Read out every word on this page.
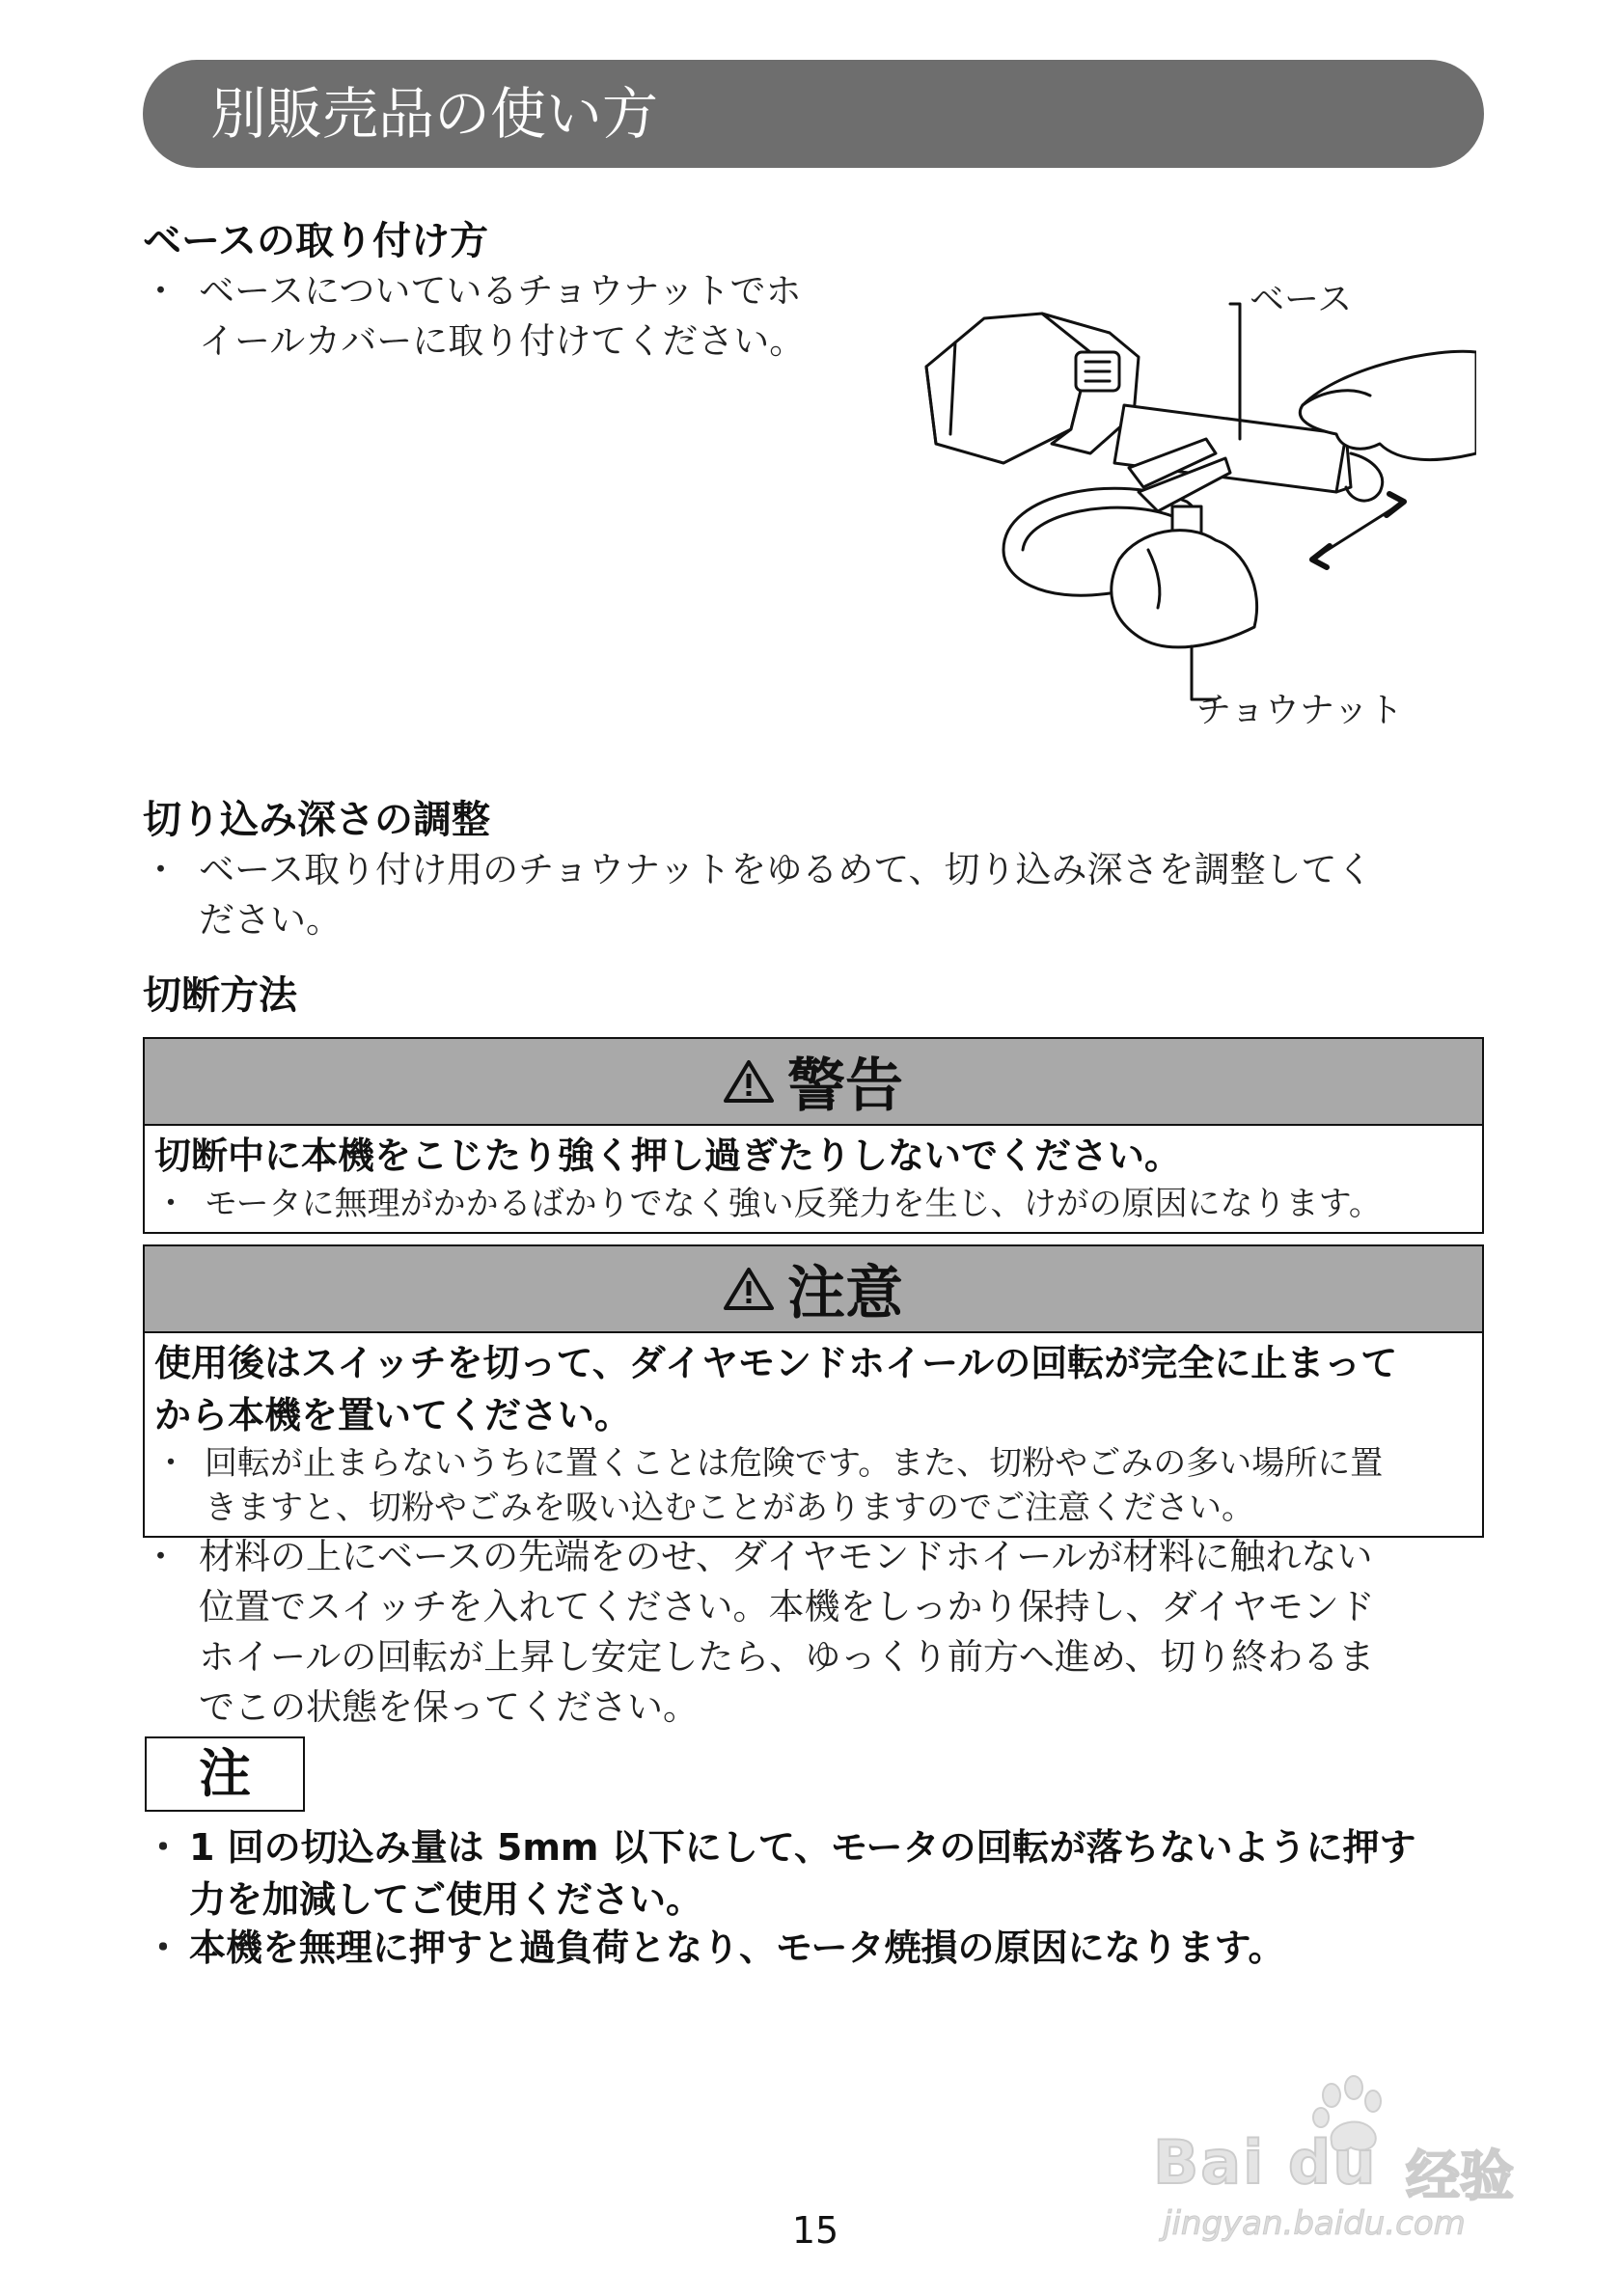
別販売品の使い方
ベースの取り付け方
・ ベースについているチョウナットでホ
イールカバーに取り付けてください。
ベース
チョウナット
切り込み深さの調整
・ ベース取り付け用のチョウナットをゆるめて、切り込み深さを調整してく
ださい。
切断方法
警告
切断中に本機をこじたり強く押し過ぎたりしないでください。
・ モータに無理がかかるばかりでなく強い反発力を生じ、けがの原因になります。
注意
使用後はスイッチを切って、ダイヤモンドホイールの回転が完全に止まって
から本機を置いてください。
・ 回転が止まらないうちに置くことは危険です。また、切粉やごみの多い場所に置
きますと、切粉やごみを吸い込むことがありますのでご注意ください。
・ 材料の上にベースの先端をのせ、ダイヤモンドホイールが材料に触れない
位置でスイッチを入れてください。本機をしっかり保持し、ダイヤモンド
ホイールの回転が上昇し安定したら、ゆっくり前方へ進め、切り終わるま
でこの状態を保ってください。
注
・ 1 回の切込み量は 5mm 以下にして、モータの回転が落ちないように押す
力を加減してご使用ください。
・ 本機を無理に押すと過負荷となり、モータ焼損の原因になります。
Bai du 经验
jingyan.baidu.com
15
